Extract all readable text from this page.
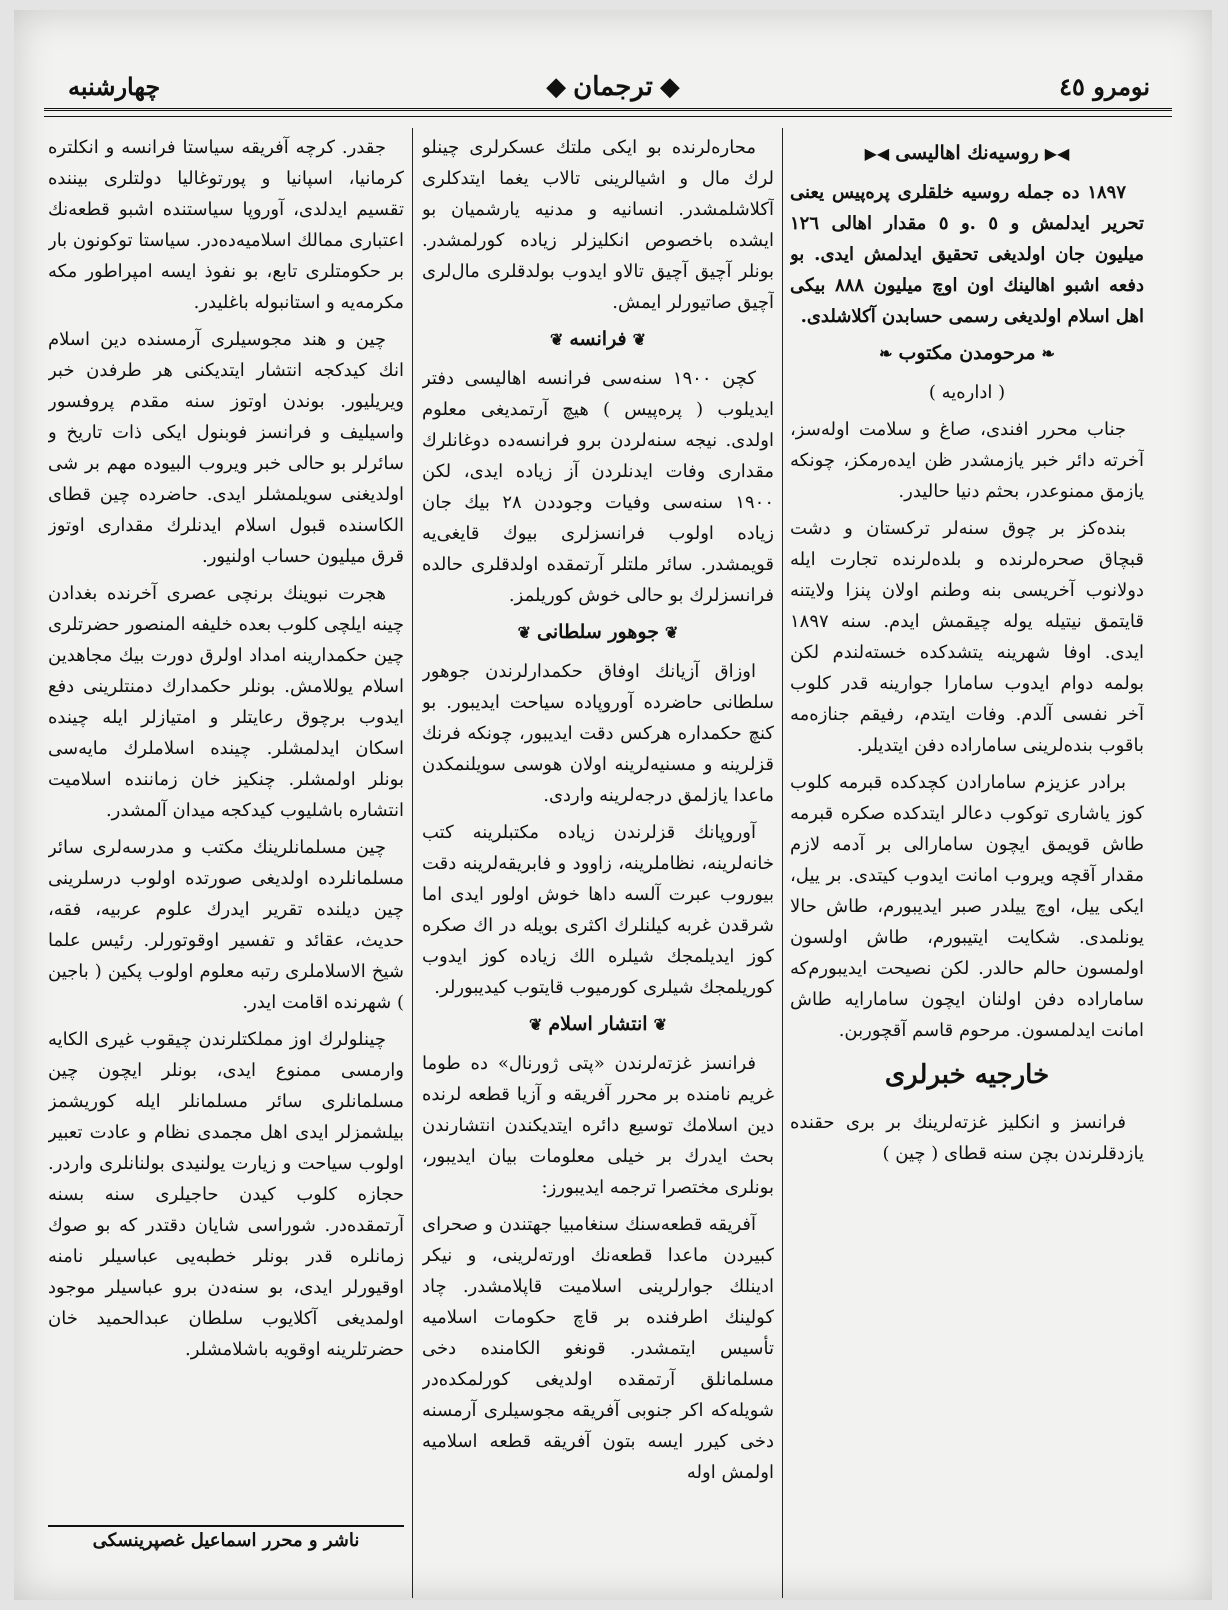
نومرو ٤٥
◆ترجمان◆
چهارشنبه
◀▶روسیه‌نك اهالیسی◀▶

١٨٩٧ ده جمله روسیه خلقلری پره‌پیس یعنی تحریر ایدلمش و ٥ .و ٥ مقدار اهالی ١٢٦ میلیون جان اولدیغی تحقیق ایدلمش ایدی. بو دفعه اشبو اهالینك اون اوچ میلیون ٨٨٨ بیکی اهل اسلام اولدیغی رسمی حسابدن آکلاشلدی.

❧مرحومدن مکتوب❧
( اداره‌یه )

جناب محرر افندی، صاغ و سلامت اوله‌سز، آخرته دائر خبر یازمشدر ظن ایده‌رمکز، چونکه یازمق ممنوعدر، بحثم دنیا حالیدر.

بنده‌کز بر چوق سنه‌لر ترکستان و دشت قبچاق صحره‌لرنده و بلده‌لرنده تجارت ایله دولانوب آخریسی بنه وطنم اولان پنزا ولایتنه قایتمق نیتیله یوله چیقمش ایدم. سنه ١٨٩٧ ایدی. اوفا شهرینه یتشدکده خسته‌لندم لکن بولمه دوام ایدوب سامارا جوارینه قدر کلوب آخر نفسی آلدم. وفات ایتدم، رفیقم جنازه‌مه باقوب بنده‌لرینی ساماراده دفن ایتدیلر.

برادر عزیزم سامارادن کچدکده قبرمه کلوب کوز یاشاری توکوب دعالر ایتدکده صکره قبرمه طاش قویمق ایچون سامارالی بر آدمه لازم مقدار آقچه ویروب امانت ایدوب کیتدی. بر ییل، ایکی ییل، اوچ ییلدر صبر ایدیبورم، طاش حالا یونلمدی. شکایت ایتیبورم، طاش اولسون اولمسون حالم حالدر. لکن نصیحت ایدیبورم‌که ساماراده دفن اولنان ایچون سامارایه طاش امانت ایدلمسون. مرحوم قاسم آقچوربن.

خارجیه خبرلری

فرانسز و انکلیز غزته‌لرینك بر بری حقنده یازدقلرندن بچن سنه قطای ( چین )

محاره‌لرنده بو ایکی ملتك عسکرلری چینلو لرك مال و اشیالرینی تالاب یغما ایتدکلری آکلاشلمشدر. انسانیه و مدنیه یارشمیان بو ایشده باخصوص انکلیزلر زیاده کورلمشدر. بونلر آچیق آچیق تالاو ایدوب بولدقلری مال‌لری آچیق صاتیورلر ایمش.

❦فرانسه❦

کچن ١٩٠٠ سنه‌سی فرانسه اهالیسی دفتر ایدیلوب ( پره‌پیس ) هیچ آرتمدیغی معلوم اولدی. نیجه سنه‌لردن برو فرانسه‌ده دوغانلرك مقداری وفات ایدنلردن آز زیاده ایدی، لکن ١٩٠٠ سنه‌سی وفیات وجوددن ٢٨ بیك جان زیاده اولوب فرانسزلری بیوك قایغی‌یه قویمشدر. سائر ملتلر آرتمقده اولدقلری حالده فرانسزلرك بو حالی خوش کوریلمز.

❦جوهور سلطانی❦

اوزاق آزیانك اوفاق حکمدارلرندن جوهور سلطانی حاضرده آوروپاده سیاحت ایدیبور. بو کنچ حکمداره هرکس دقت ایدیبور، چونکه فرنك قزلرینه و مسنیه‌لرینه اولان هوسی سویلنمکدن ماعدا یازلمق درجه‌لرینه واردی.

آوروپانك قزلرندن زیاده مکتبلرینه کتب خانه‌لرینه، نظاملرینه، زاوود و فابریقه‌لرینه دقت بیوروب عبرت آلسه داها خوش اولور ایدی اما شرقدن غربه کیلنلرك اکثری بویله در اك صکره کوز ایدیلمجك شیلره الك زیاده کوز ایدوب کوریلمجك شیلری کورمیوب قایتوب کیدیبورلر.

❦انتشار اسلام❦

فرانسز غزته‌لرندن «پتی ژورنال» ده طوما غریم نامنده بر محرر آفریقه و آزیا قطعه لرنده دین اسلامك توسیع دائره ایتدیکندن انتشارندن بحث ایدرك بر خیلی معلومات بیان ایدیبور، بونلری مختصرا ترجمه ایدیبورز:

آفریقه قطعه‌سنك سنغامبیا جهتندن و صحرای کبیردن ماعدا قطعه‌نك اورته‌لرینی، و نیکر ادینلك جوارلرینی اسلامیت قاپلامشدر. چاد کولینك اطرفنده بر قاچ حکومات اسلامیه تأسیس ایتمشدر. قونغو الکامنده دخی مسلمانلق آرتمقده اولدیغی کورلمکده‌در شویله‌که اکر جنوبی آفریقه مجوسیلری آرمسنه دخی کیرر ایسه بتون آفریقه قطعه اسلامیه اولمش اوله

جقدر. کرچه آفریقه سیاستا فرانسه و انکلتره کرمانیا، اسپانیا و پورتوغالیا دولتلری بیننده تقسیم ایدلدی، آوروپا سیاستنده اشبو قطعه‌نك اعتباری ممالك اسلامیه‌ده‌در. سیاستا توکونون بار بر حکومتلری تابع، بو نفوذ ایسه امپراطور مکه مکرمه‌یه و استانبوله باغلیدر.

چین و هند مجوسیلری آرمسنده دین اسلام انك کیدکجه انتشار ایتدیکنی هر طرفدن خبر ویریلیور. بوندن اوتوز سنه مقدم پروفسور واسیلیف و فرانسز فوبنول ایکی ذات تاریخ و سائرلر بو حالی خبر ویروب البیوده مهم بر شی اولدیغنی سویلمشلر ایدی. حاضرده چین قطای الکاسنده قبول اسلام ایدنلرك مقداری اوتوز قرق میلیون حساب اولنیور.

هجرت نبوینك برنچی عصری آخرنده بغدادن چینه ایلچی کلوب بعده خلیفه المنصور حضرتلری چین حکمدارینه امداد اولرق دورت بیك مجاهدین اسلام یوللامش. بونلر حکمدارك دمنتلرینی دفع ایدوب برچوق رعایتلر و امتیازلر ایله چینده اسکان ایدلمشلر. چینده اسلاملرك مایه‌سی بونلر اولمشلر. چنکیز خان زماننده اسلامیت انتشاره باشلیوب کیدکجه میدان آلمشدر.

چین مسلمانلرینك مکتب و مدرسه‌لری سائر مسلمانلرده اولدیغی صورتده اولوب درسلرینی چین دیلنده تقریر ایدرك علوم عربیه، فقه، حدیث، عقائد و تفسیر اوقوتورلر. رئیس علما شیخ الاسلاملری رتبه معلوم اولوب پکین ( باجین ) شهرنده اقامت ایدر.

چینلولرك اوز مملکتلرندن چیقوب غیری الکایه وارمسی ممنوع ایدی، بونلر ایچون چین مسلمانلری سائر مسلمانلر ایله کوریشمز بیلشمزلر ایدی اهل مجمدی نظام و عادت تعبیر اولوب سیاحت و زیارت یولنیدی بولنانلری واردر. حجازه کلوب کیدن حاجیلری سنه بسنه آرتمقده‌در. شوراسی شایان دقتدر که بو صوك زمانلره قدر بونلر خطبه‌یی عباسیلر نامنه اوقیورلر ایدی، بو سنه‌دن برو عباسیلر موجود اولمدیغی آکلایوب سلطان عبدالحمید خان حضرتلرینه اوقویه باشلامشلر.

ناشر و محرر اسماعیل غصپرینسکی
